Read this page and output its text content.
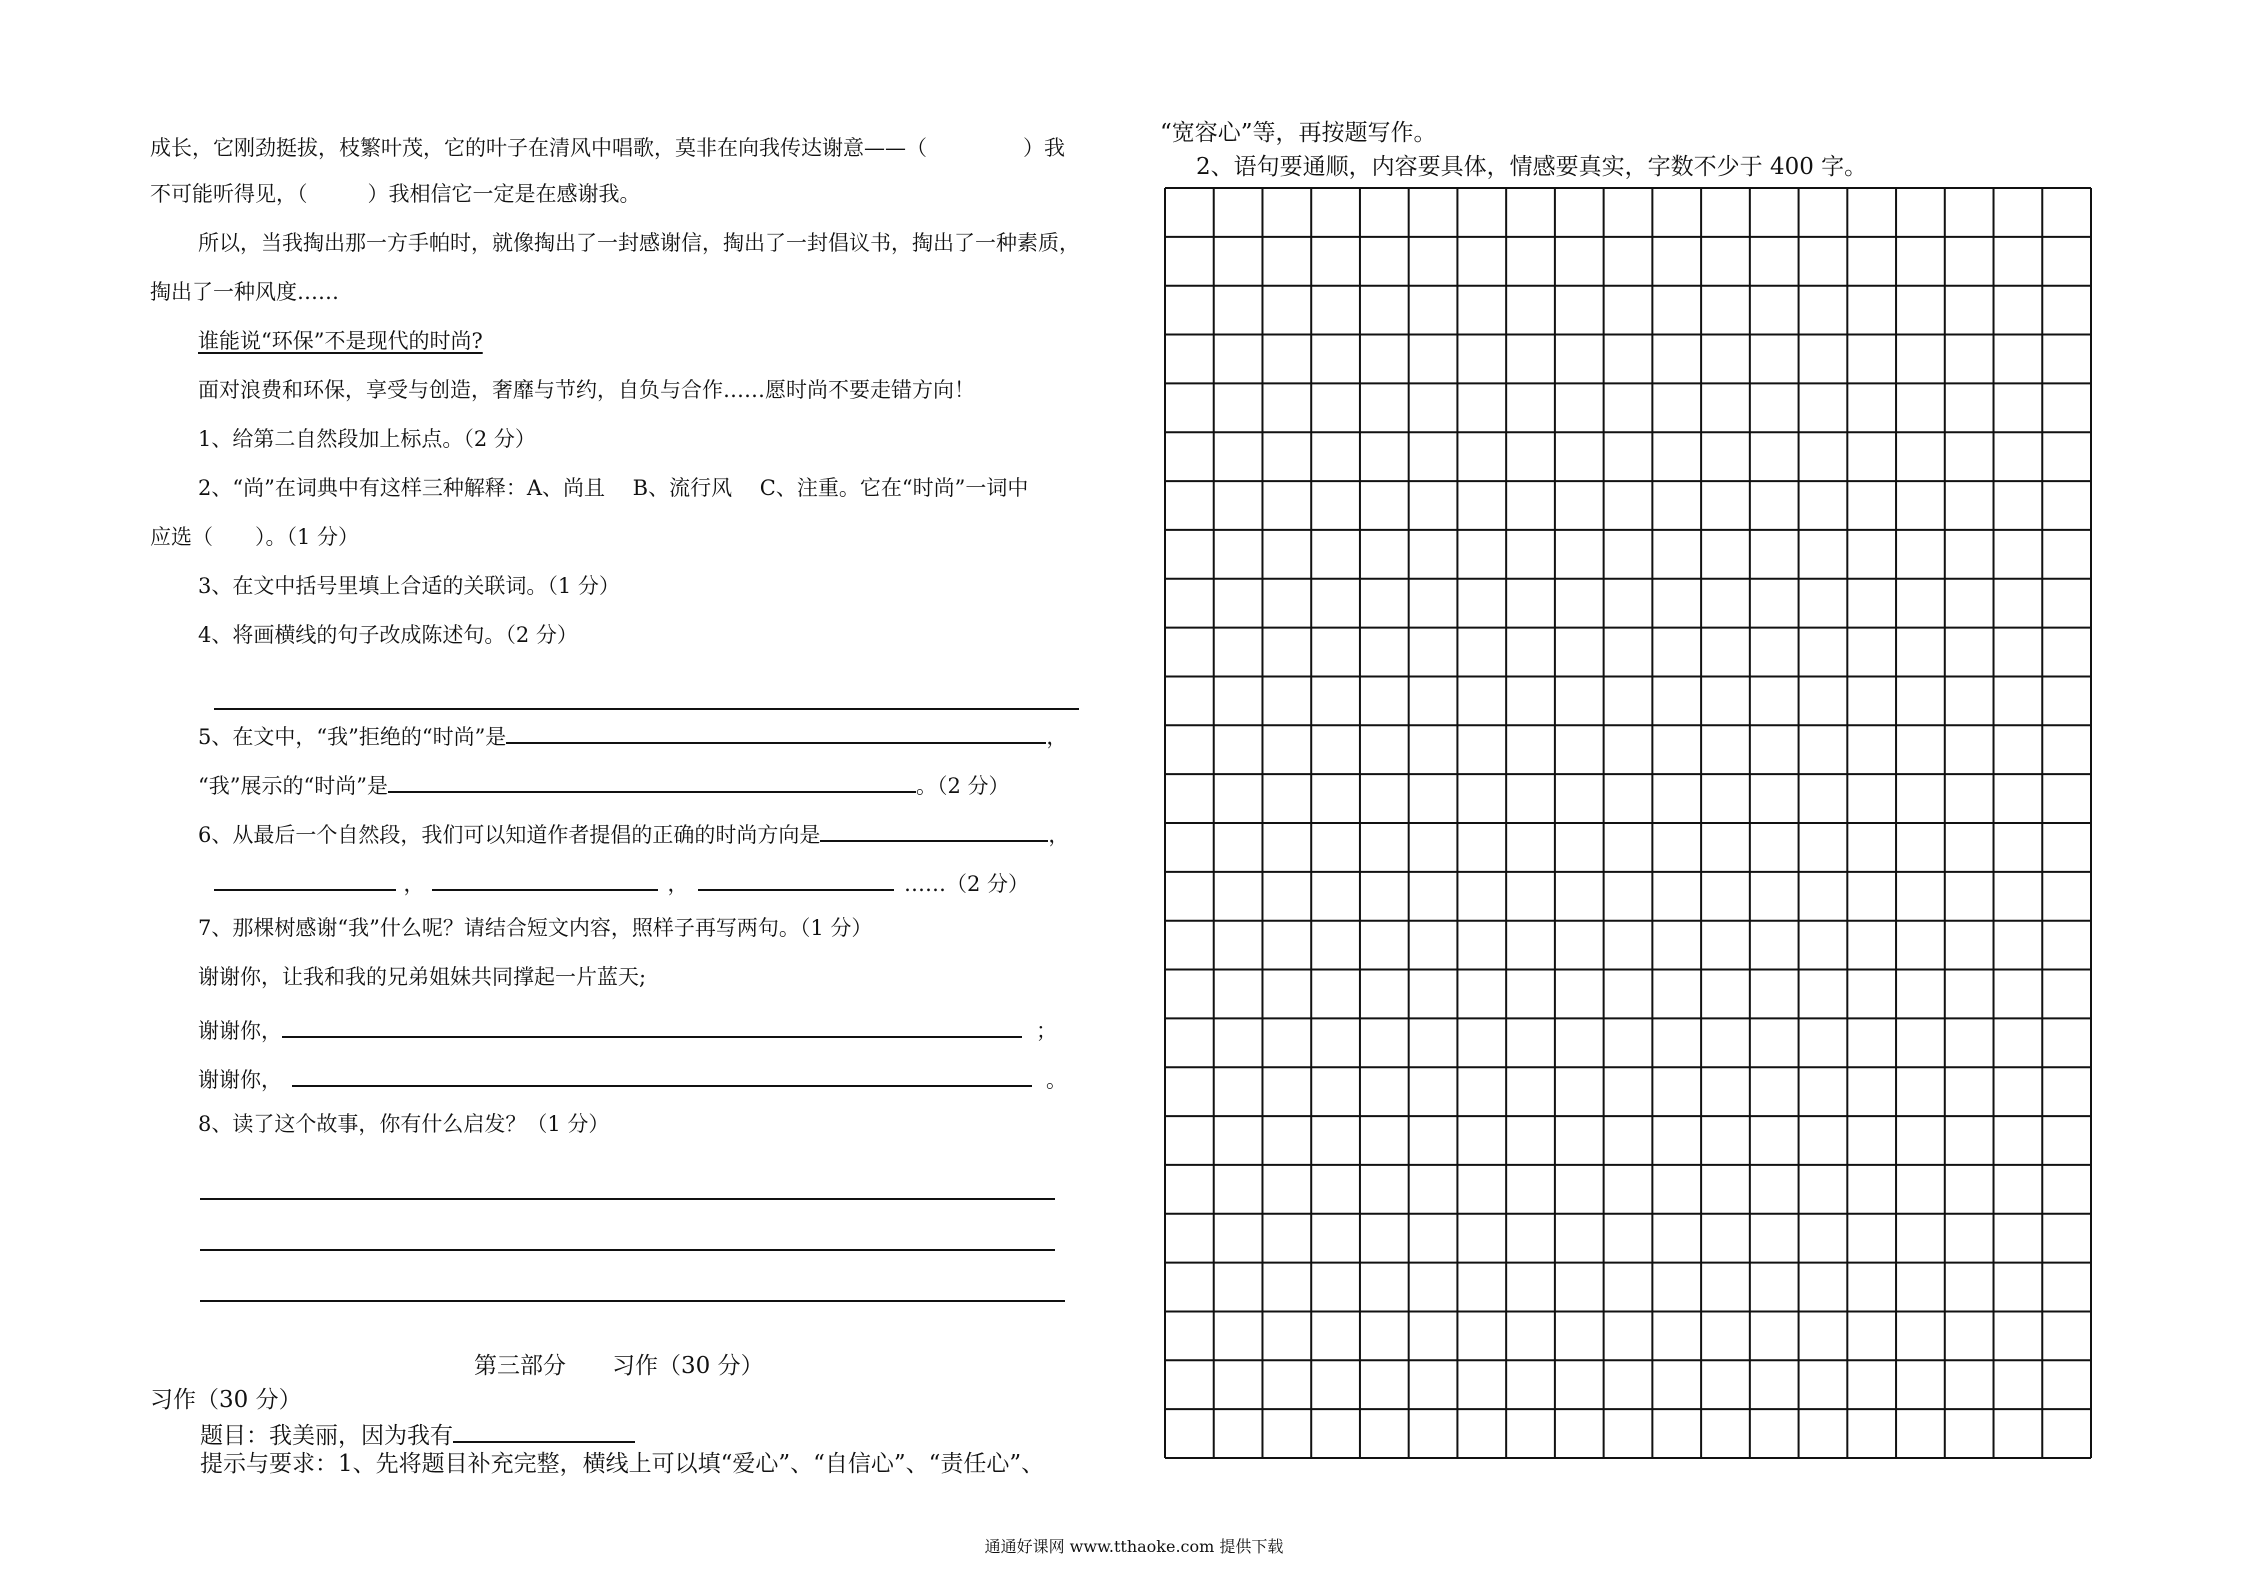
成长，它刚劲挺拔，枝繁叶茂，它的叶子在清风中唱歌，莫非在向我传达谢意——（	）我
不可能听得见，（	）我相信它一定是在感谢我。
所以，当我掏出那一方手帕时，就像掏出了一封感谢信，掏出了一封倡议书，掏出了一种素质，
掏出了一种风度……
谁能说“环保”不是现代的时尚?
面对浪费和环保，享受与创造，奢靡与节约，自负与合作……愿时尚不要走错方向！
1、给第二自然段加上标点。（2 分）
2、“尚”在词典中有这样三种解释：A、尚且　 B、流行风　 C、注重。它在“时尚”一词中
应选（　　）。（1 分）
3、在文中括号里填上合适的关联词。（1 分）
4、将画横线的句子改成陈述句。（2 分）
5、在文中，“我”拒绝的“时尚”是	，
“我”展示的“时尚”是	。（2 分）
6、从最后一个自然段，我们可以知道作者提倡的正确的时尚方向是	，
，	，	……（2 分）
7、那棵树感谢“我”什么呢？请结合短文内容，照样子再写两句。（1 分）
谢谢你，让我和我的兄弟姐妹共同撑起一片蓝天;
谢谢你，	；
谢谢你，	。
8、读了这个故事，你有什么启发？（1 分）
第三部分　　习作（30 分）
习作（30 分）
题目：我美丽，因为我有
提示与要求：1、先将题目补充完整，横线上可以填“爱心”、“自信心”、“责任心”、
“宽容心”等，再按题写作。
2、语句要通顺，内容要具体，情感要真实，字数不少于 400 字。
通通好课网 www.tthaoke.com 提供下载
